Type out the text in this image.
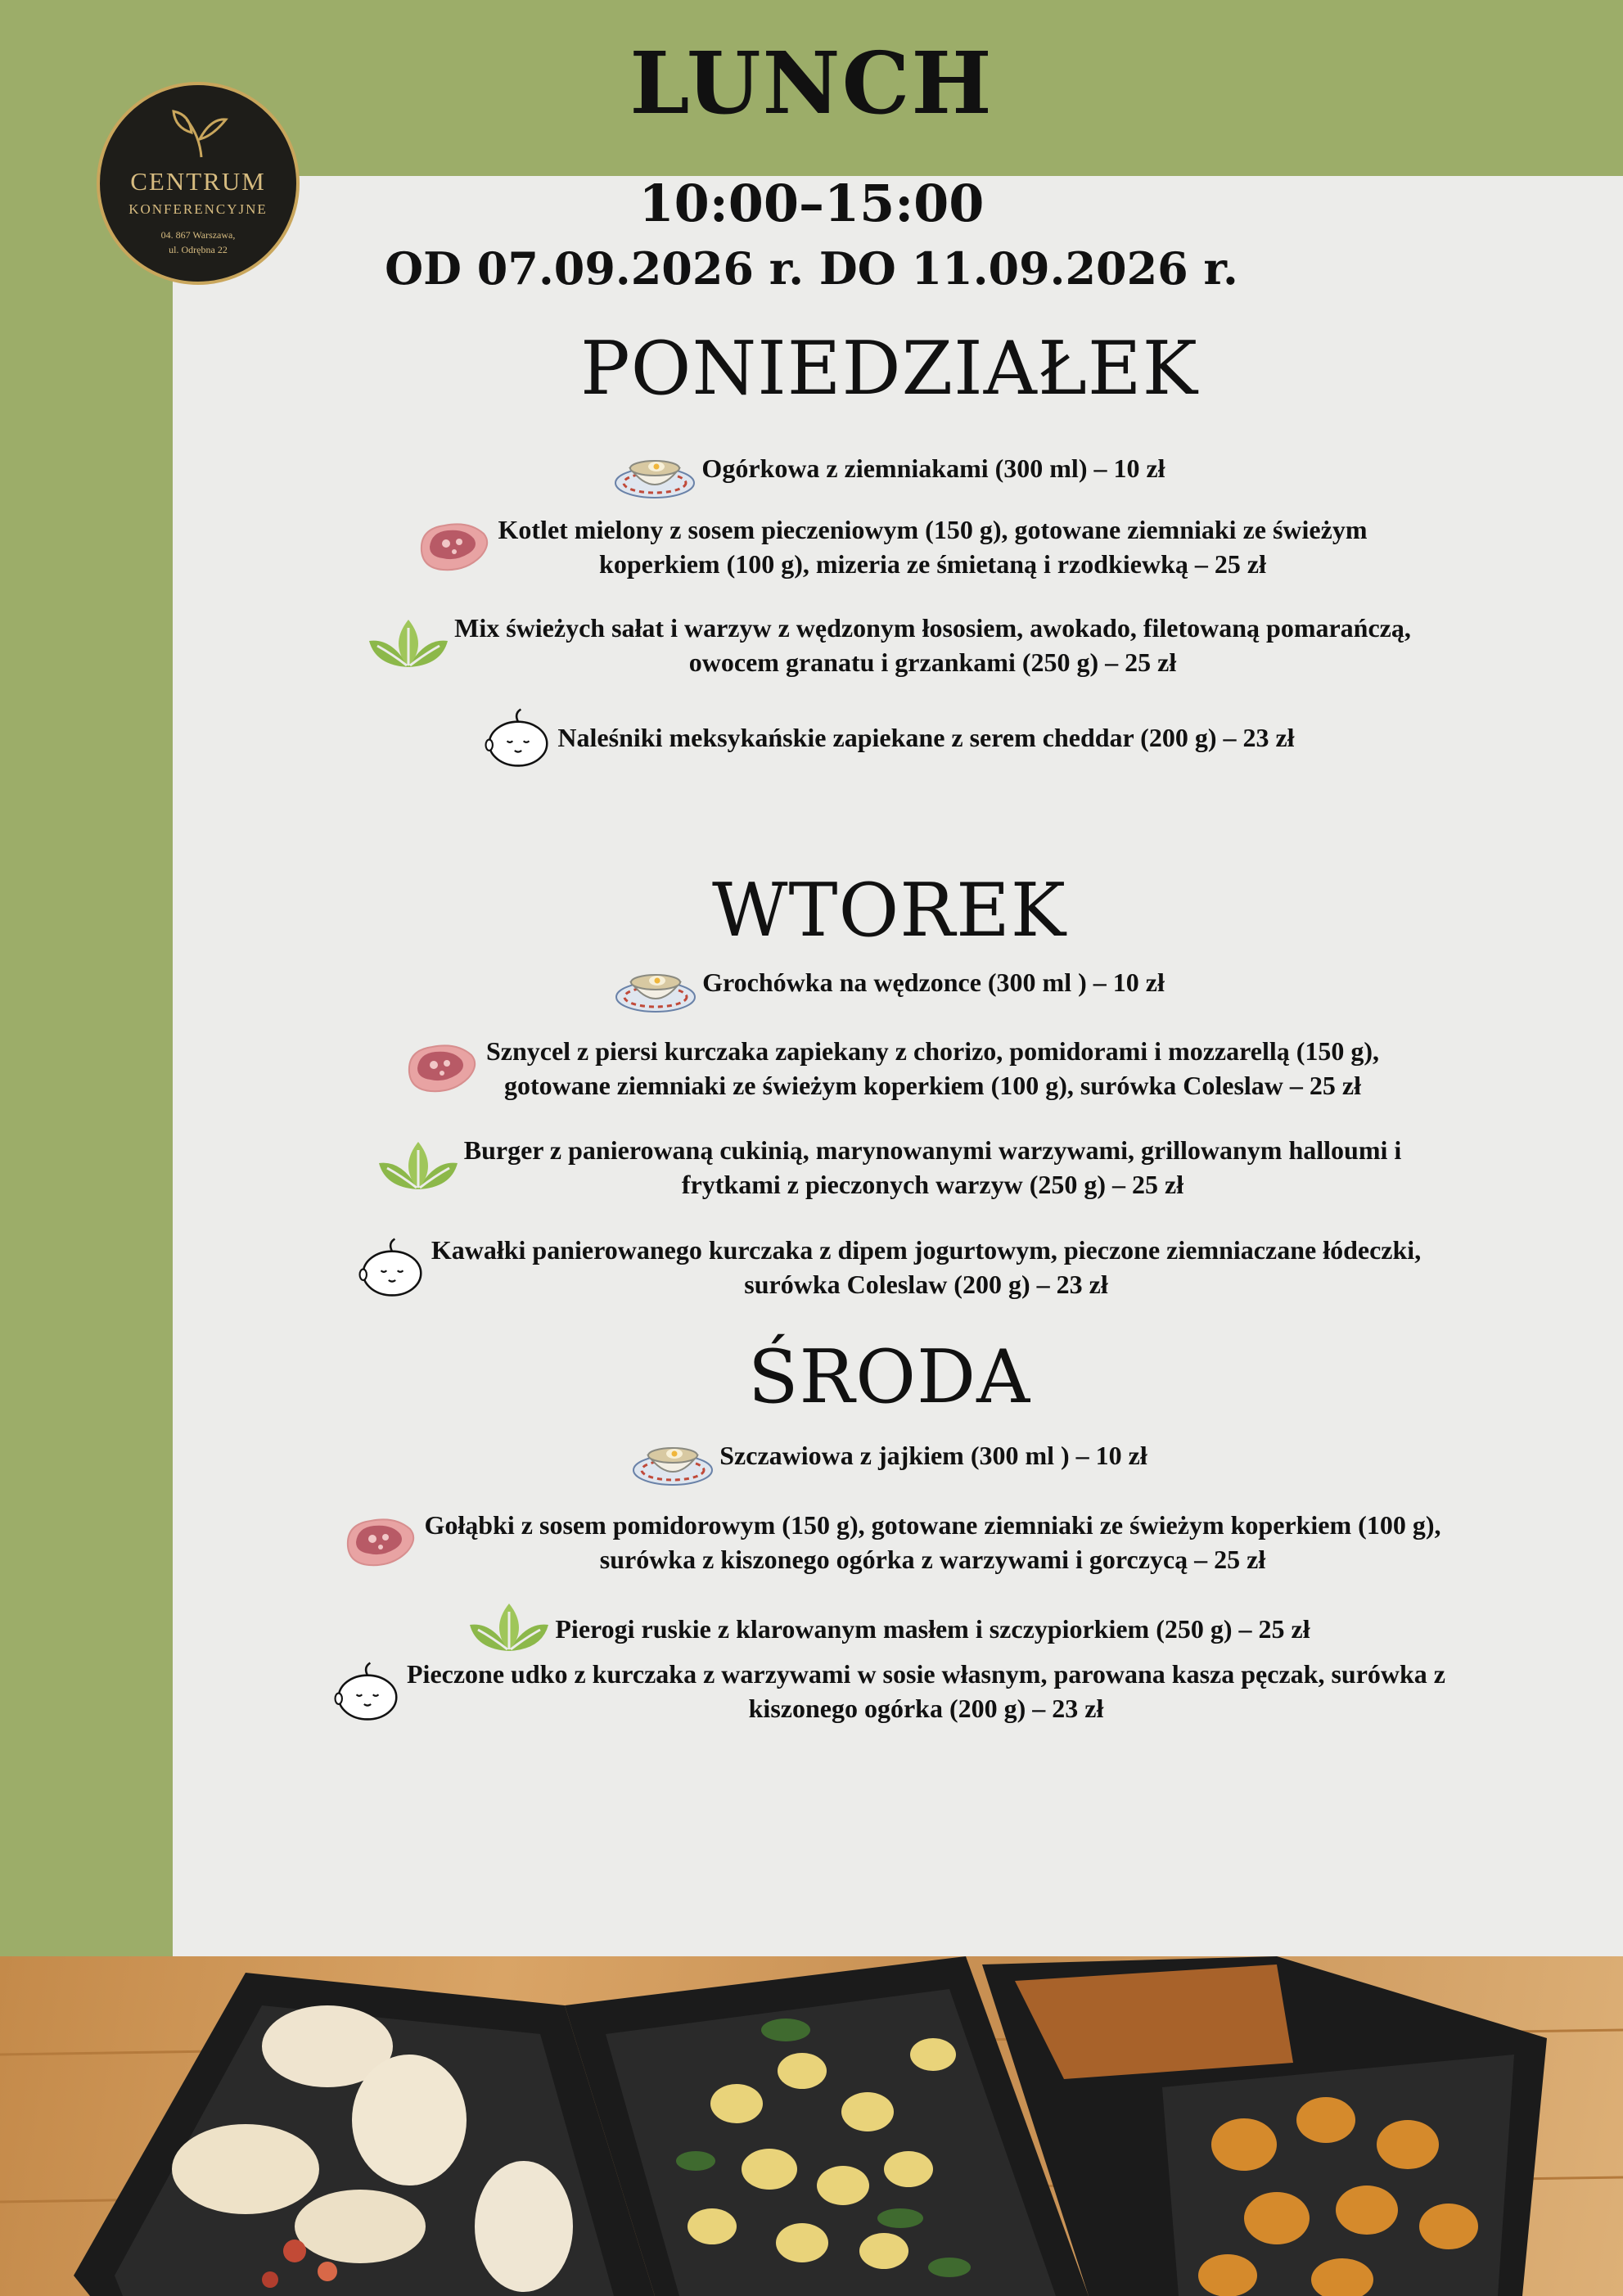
CENTRUM
KONFERENCYJNE
04. 867 Warszawa,
ul. Odrębna 22
LUNCH
10:00–15:00
OD 07.09.2026 r. DO 11.09.2026 r.
PONIEDZIAŁEK
Ogórkowa z ziemniakami (300 ml) – 10 zł
Kotlet mielony z sosem pieczeniowym (150 g), gotowane ziemniaki ze świeżym
koperkiem (100 g), mizeria ze śmietaną i rzodkiewką – 25 zł
Mix świeżych sałat i warzyw z wędzonym łososiem, awokado, filetowaną pomarańczą,
owocem granatu i grzankami (250 g) – 25 zł
Naleśniki meksykańskie zapiekane z serem cheddar (200 g) – 23 zł
WTOREK
Grochówka na wędzonce (300 ml ) – 10 zł
Sznycel z piersi kurczaka zapiekany z chorizo, pomidorami i mozzarellą (150 g),
gotowane ziemniaki ze świeżym koperkiem (100 g), surówka Coleslaw – 25 zł
Burger z panierowaną cukinią, marynowanymi warzywami, grillowanym halloumi i
frytkami z pieczonych warzyw (250 g) – 25 zł
Kawałki panierowanego kurczaka z dipem jogurtowym, pieczone ziemniaczane łódeczki,
surówka Coleslaw (200 g) – 23 zł
ŚRODA
Szczawiowa z jajkiem (300 ml ) – 10 zł
Gołąbki z sosem pomidorowym (150 g), gotowane ziemniaki ze świeżym koperkiem (100 g),
surówka z kiszonego ogórka z warzywami i gorczycą – 25 zł
Pierogi ruskie z klarowanym masłem i szczypiorkiem (250 g) – 25 zł
Pieczone udko z kurczaka z warzywami w sosie własnym, parowana kasza pęczak, surówka z
kiszonego ogórka (200 g) – 23 zł
